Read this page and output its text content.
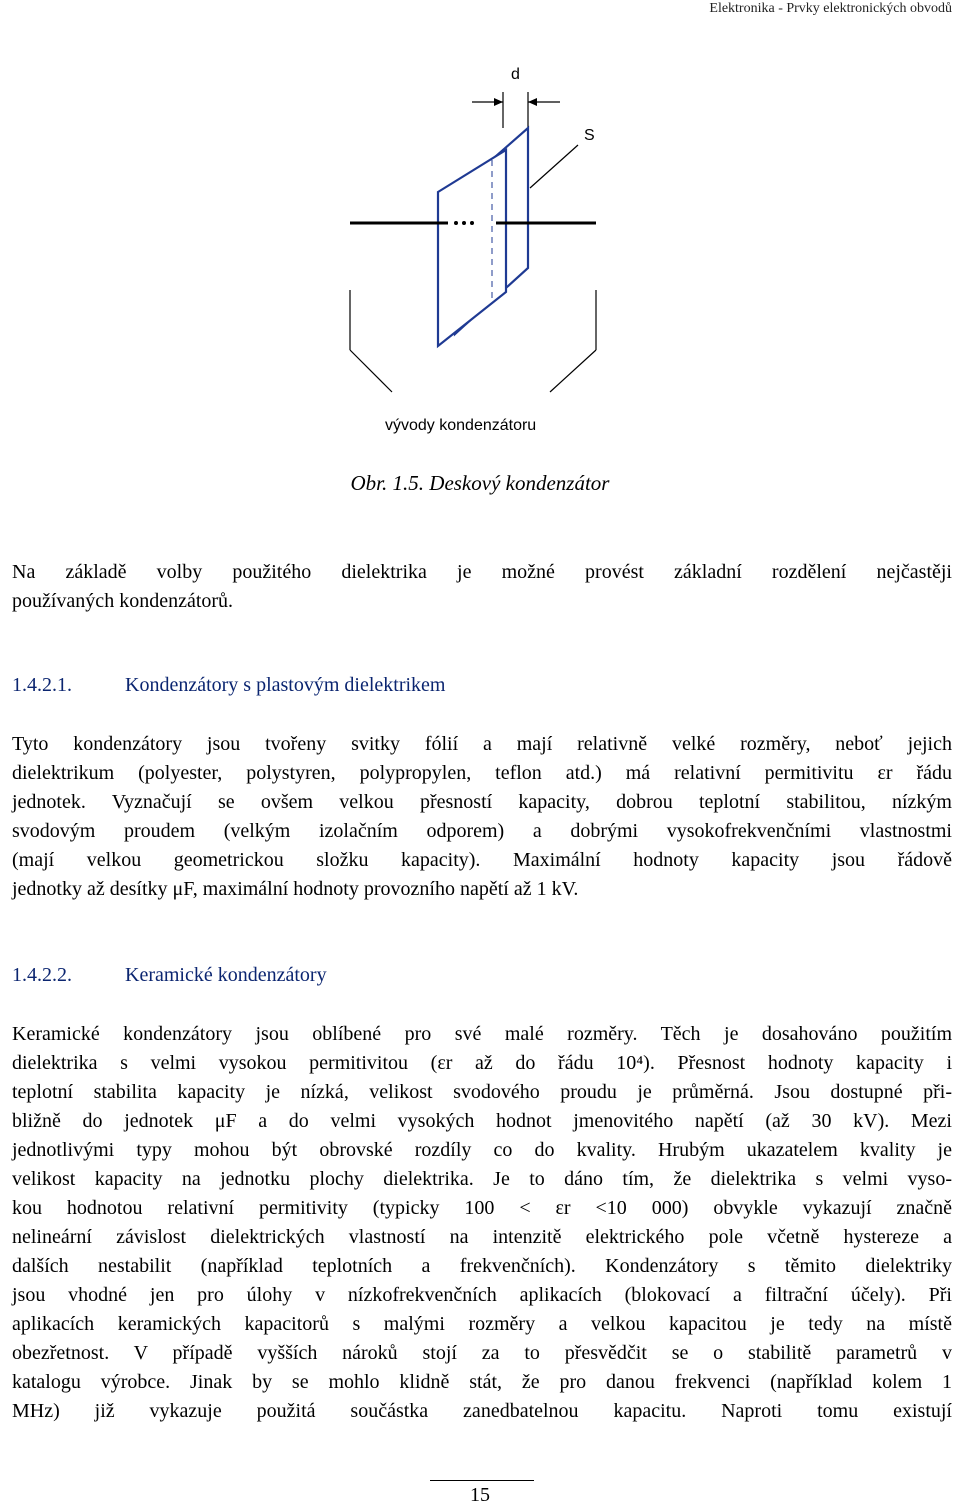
Elektronika - Prvky elektronických obvodů
d
S
vývody kondenzátoru
Obr. 1.5. Deskový kondenzátor
Na základě volby použitého dielektrika je možné provést základní rozdělení nejčastěji
používaných kondenzátorů.
1.4.2.1.	Kondenzátory s plastovým dielektrikem
Tyto kondenzátory jsou tvořeny svitky fólií a mají relativně velké rozměry, neboť jejich
dielektrikum (polyester, polystyren, polypropylen, teflon atd.) má relativní permitivitu εr řádu
jednotek. Vyznačují se ovšem velkou přesností kapacity, dobrou teplotní stabilitou, nízkým
svodovým proudem (velkým izolačním odporem) a dobrými vysokofrekvenčními vlastnostmi
(mají velkou geometrickou složku kapacity). Maximální hodnoty kapacity jsou řádově
jednotky až desítky μF, maximální hodnoty provozního napětí až 1 kV.
1.4.2.2.	Keramické kondenzátory
Keramické kondenzátory jsou oblíbené pro své malé rozměry. Těch je dosahováno použitím
dielektrika s velmi vysokou permitivitou (εr až do řádu 10⁴). Přesnost hodnoty kapacity i
teplotní stabilita kapacity je nízká, velikost svodového proudu je průměrná. Jsou dostupné při-
bližně do jednotek μF a do velmi vysokých hodnot jmenovitého napětí (až 30 kV). Mezi
jednotlivými typy mohou být obrovské rozdíly co do kvality. Hrubým ukazatelem kvality je
velikost kapacity na jednotku plochy dielektrika. Je to dáno tím, že dielektrika s velmi vyso-
kou hodnotou relativní permitivity (typicky 100 < εr <10 000) obvykle vykazují značně
nelineární závislost dielektrických vlastností na intenzitě elektrického pole včetně hystereze a
dalších nestabilit (například teplotních a frekvenčních). Kondenzátory s těmito dielektriky
jsou vhodné jen pro úlohy v nízkofrekvenčních aplikacích (blokovací a filtrační účely). Při
aplikacích keramických kapacitorů s malými rozměry a velkou kapacitou je tedy na místě
obezřetnost. V případě vyšších nároků stojí za to přesvědčit se o stabilitě parametrů v
katalogu výrobce. Jinak by se mohlo klidně stát, že pro danou frekvenci (například kolem 1
MHz) již vykazuje použitá součástka zanedbatelnou kapacitu. Naproti tomu existují
15
